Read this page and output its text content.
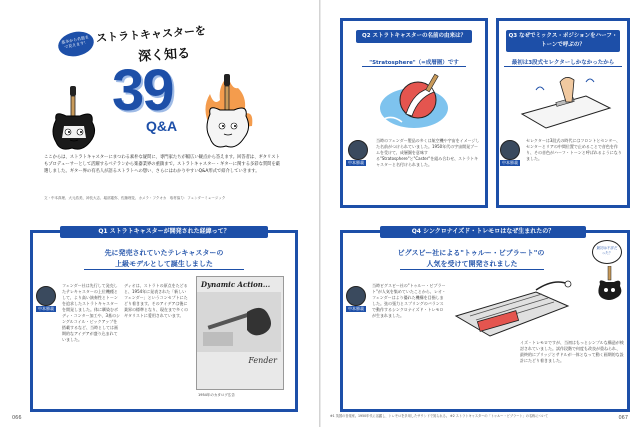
基本から名盤まで見えます！ ストラトキャスターを
深く知る
39
Q&A
ここからは、ストラトキャスターにまつわる素朴な疑問に、専門家たちが幅広い観点から答えます。回答者は、ギタリストもプロデューサーとして活躍するベテランから楽器業界の重鎮まで。ストラトキャスター・ギターに関する多彩な質問を厳選しました。ギター界の有名人が語るストラトへの想い、さらにはわかりやすいQ&A形式で紹介していきます。
文・中本真理、大元浩美、神長大志、堀部蓮弥、佐藤理花、カメラ・フクオカ　取材協力：フェンダーミュージック
Q1 ストラトキャスターが開発された経緯って？
先に発売されていたテレキャスターの
上級モデルとして誕生しました
中本勝義
フェンダー社は先行して発売したテレキャスターの上位機種として、より高い演奏性とトーンを追求したストラトキャスターを開発しました。体に馴染むボディ・コンター加工や、3基のシングルコイル・ピックアップを搭載するなど、当時としては画期的なアイデアが盛り込まれていました。
ディオは、ストラトの原点をたどると、1954年に発表された「新しいフェンダー」というコンセプトにたどり着きます。そのアイデアは後に業界の標準となり、現在まで多くのギタリストに愛用されています。
Dynamic Action...
Fender
1954年のカタログ広告
066
Q2 ストラトキャスターの名前の由来は？
"Stratosphere"（=成層圏）です
中本勝義
当時のフェンダー製品の多くは航空機や宇宙をイメージした名前がつけられていました。1950年代の宇宙開発ブームを受けて、成層圏を意味する"Stratosphere"と"Caster"を組み合わせ、ストラトキャスターと名付けられました。
Q3 なぜでミックス・ポジションをハーフ・トーンで呼ぶの？
最初は3段式セレクターしかなかったから
中本勝義
セレクターは3段式の時代にはフロントとセンター、センターとリアの中間位置で止めることで音色を作り、その音色がハーフ・トーンと呼ばれるようになりました。
Q4 シンクロナイズド・トレモロはなぜ生まれたの？
ビグスビー社による"トゥルー・ビブラート"の
人気を受けて開発されました
最初は不評だった？
中本勝義
当時ビグスビー社の"トゥルー・ビブラート"が人気を集めていたことから、レオ・フェンダーはより優れた機構を目指しました。弦の張力とスプリングのバランスで動作するシンクロナイズド・トレモロが生まれました。
イズ・トレモロですが、当初はもっとシンプルな構造が検討されていました。試作段階で何度も改良が重ねられ、最終的にブリッジとサドルが一体となって動く画期的な設計にたどり着きました。
※1 英国の音楽家。1950年代に活躍し、トレモロを多用したサウンドで知られる。 ※2 ストラトキャスターの「トゥルー・ビブラート」の名称について	067
